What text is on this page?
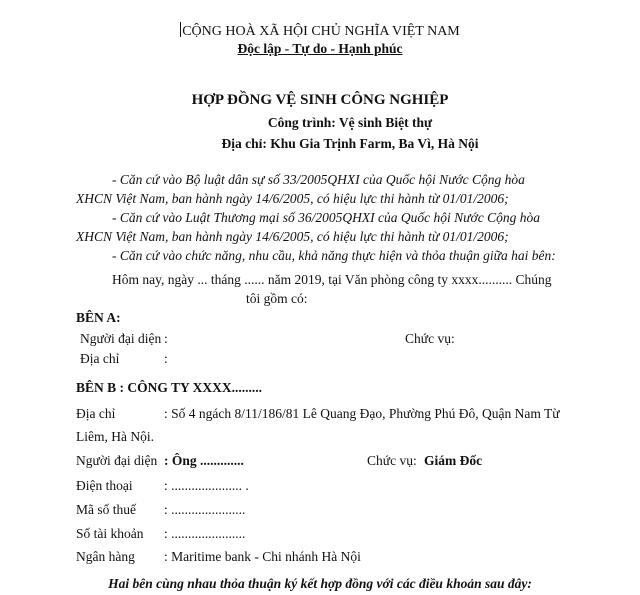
CỘNG HOÀ XÃ HỘI CHỦ NGHĨA VIỆT NAM
Độc lập - Tự do - Hạnh phúc
HỢP ĐỒNG VỆ SINH CÔNG NGHIỆP
Công trình: Vệ sinh Biệt thự
Địa chỉ: Khu Gia Trịnh Farm, Ba Vì, Hà Nội
- Căn cứ vào Bộ luật dân sự số 33/2005QHXI của Quốc hội Nước Cộng hòa
XHCN Việt Nam, ban hành ngày 14/6/2005, có hiệu lực thi hành từ 01/01/2006;
- Căn cứ vào Luật Thương mại số 36/2005QHXI của Quốc hội Nước Cộng hòa
XHCN Việt Nam, ban hành ngày 14/6/2005, có hiệu lực thi hành từ 01/01/2006;
- Căn cứ vào chức năng, nhu cầu, khả năng thực hiện và thỏa thuận giữa hai bên:
Hôm nay, ngày ... tháng ...... năm 2019, tại Văn phòng công ty xxxx.......... Chúng
tôi gồm có:
BÊN A:
Người đại diện :	Chức vụ:
Địa chỉ	:
BÊN B : CÔNG TY XXXX.........
Địa chỉ	: Số 4 ngách 8/11/186/81 Lê Quang Đạo, Phường Phú Đô, Quận Nam Từ
Liêm, Hà Nội.
Người đại diện : Ông .............	Chức vụ: Giám Đốc
Điện thoại : ..................... .
Mã số thuế : ......................
Số tài khoản : ......................
Ngân hàng : Maritime bank - Chi nhánh Hà Nội
Hai bên cùng nhau thỏa thuận ký kết hợp đồng với các điều khoản sau đây:
